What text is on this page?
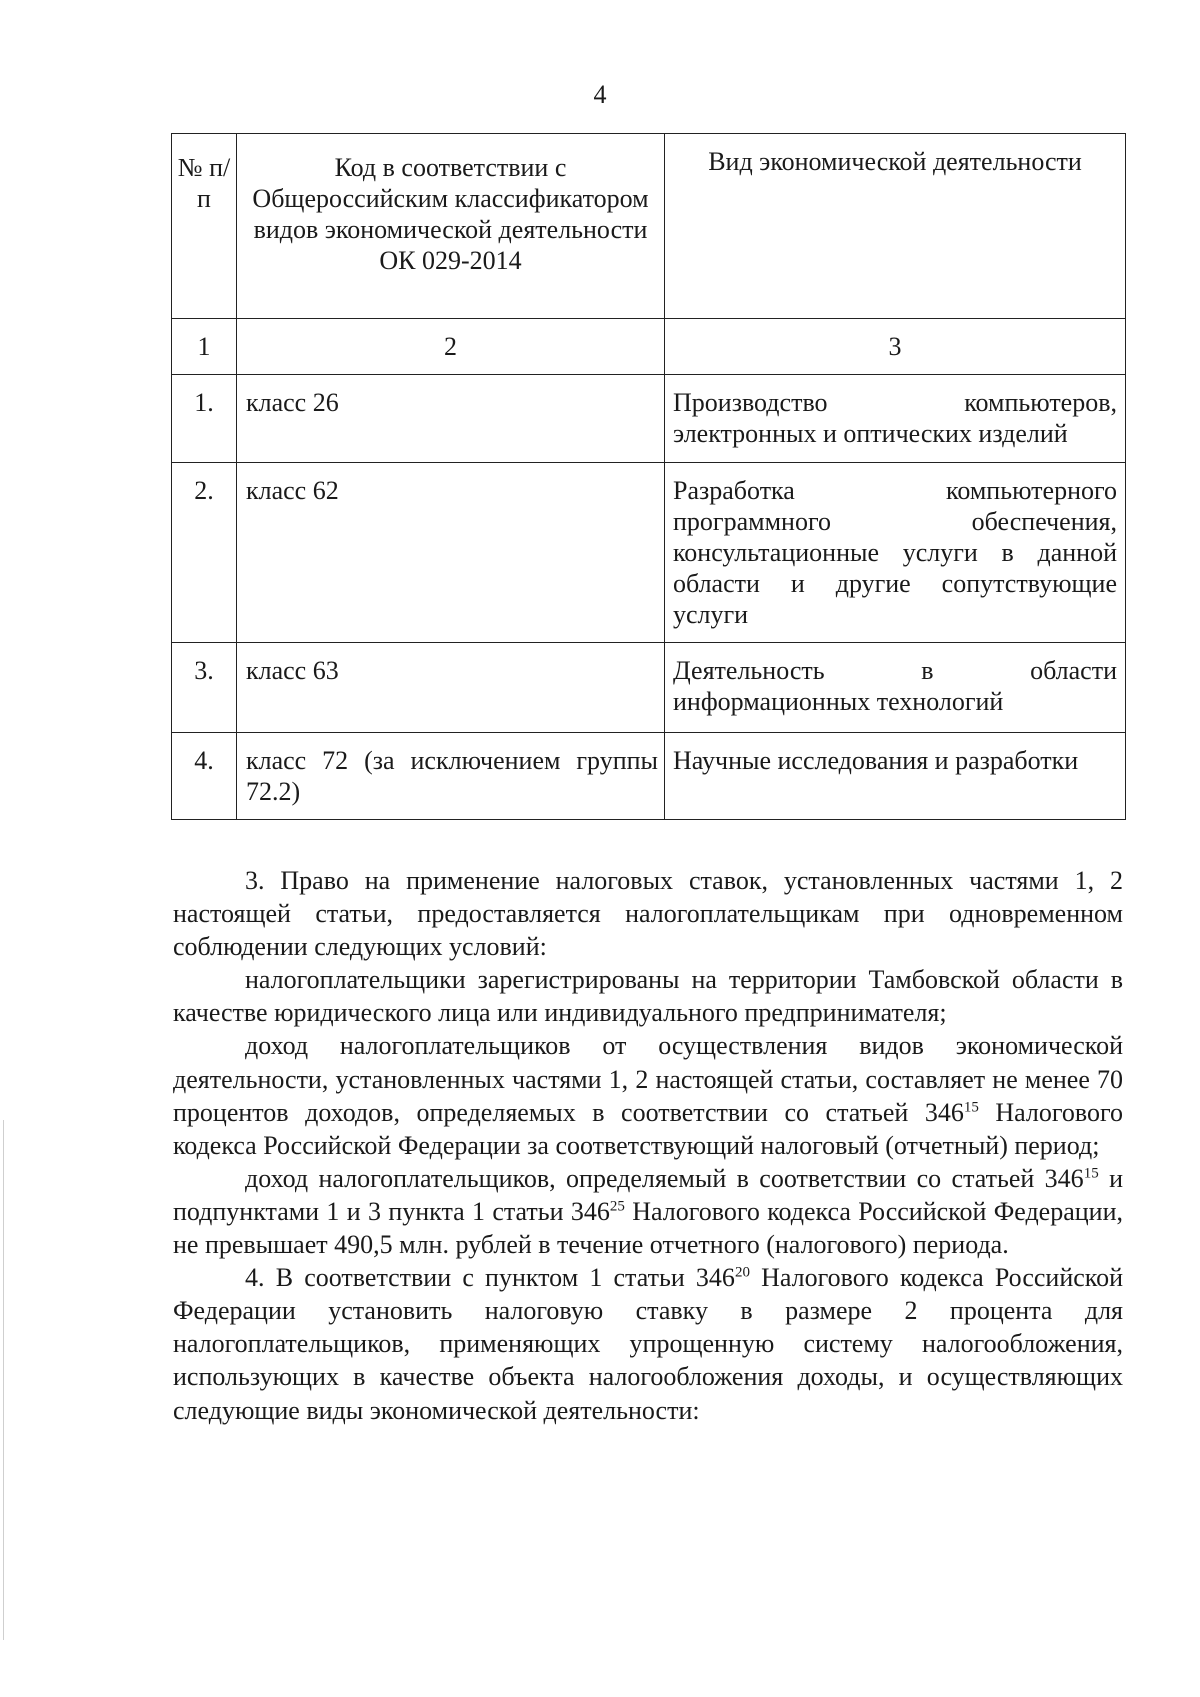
4
№ п/п	Код в соответствии с Общероссийским классификатором видов экономической деятельности ОК 029-2014	Вид экономической деятельности
1	2	3
1.	класс 26	Производство компьютеров, электронных и оптических изделий
2.	класс 62	Разработка компьютерного программного обеспечения, консультационные услуги в данной области и другие сопутствующие услуги
3.	класс 63	Деятельность в области информационных технологий
4.	класс 72 (за исключением группы 72.2)	Научные исследования и разработки

3. Право на применение налоговых ставок, установленных частями 1, 2 настоящей статьи, предоставляется налогоплательщикам при одновременном соблюдении следующих условий:

налогоплательщики зарегистрированы на территории Тамбовской области в качестве юридического лица или индивидуального предпринимателя;

доход налогоплательщиков от осуществления видов экономической деятельности, установленных частями 1, 2 настоящей статьи, составляет не менее 70 процентов доходов, определяемых в соответствии со статьей $346^{15}$ Налогового кодекса Российской Федерации за соответствующий налоговый (отчетный) период;

доход налогоплательщиков, определяемый в соответствии со статьей $346^{15}$ и подпунктами 1 и 3 пункта 1 статьи $346^{25}$ Налогового кодекса Российской Федерации, не превышает 490,5 млн. рублей в течение отчетного (налогового) периода.

4. В соответствии с пунктом 1 статьи $346^{20}$ Налогового кодекса Российской Федерации установить налоговую ставку в размере 2 процента для налогоплательщиков, применяющих упрощенную систему налогообложения, использующих в качестве объекта налогообложения доходы, и осуществляющих следующие виды экономической деятельности:
